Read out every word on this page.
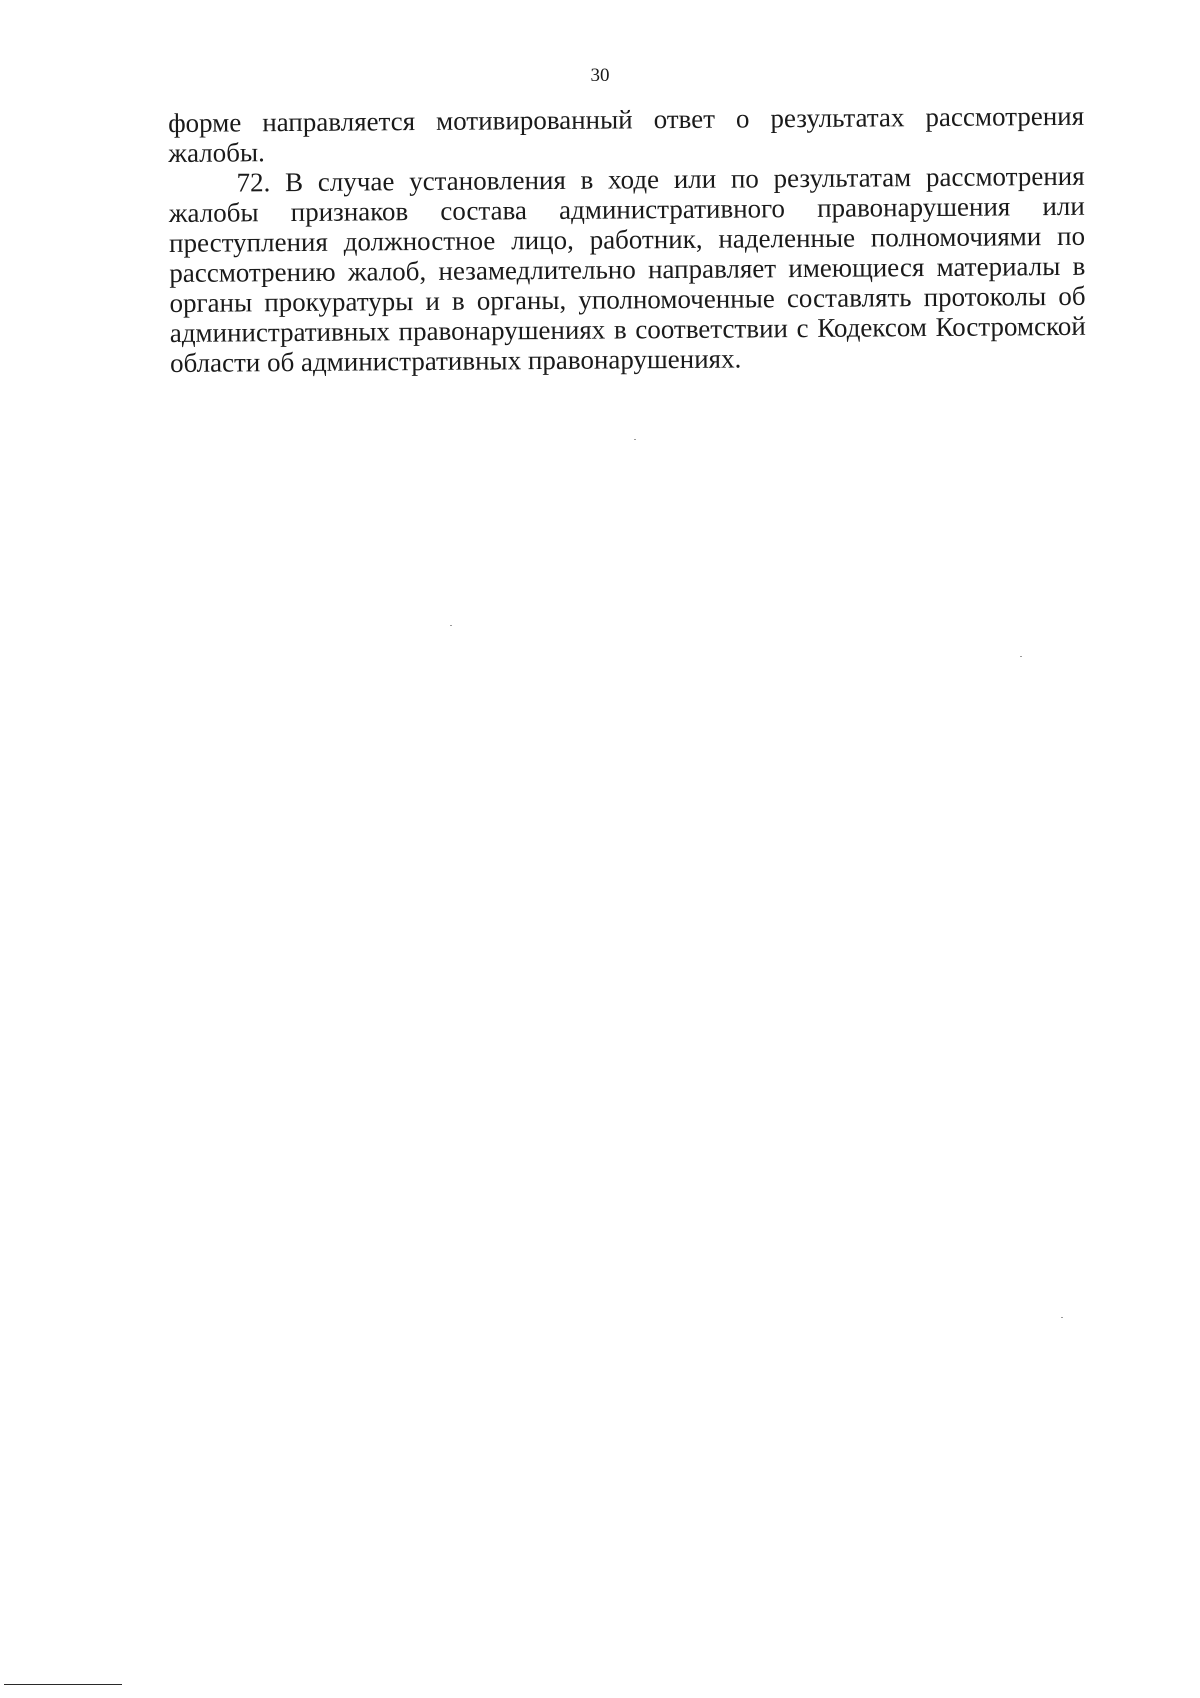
30

форме направляется мотивированный ответ о результатах рассмотрения жалобы.

72. В случае установления в ходе или по результатам рассмотрения жалобы признаков состава административного правонарушения или преступления должностное лицо, работник, наделенные полномочиями по рассмотрению жалоб, незамедлительно направляет имеющиеся материалы в органы прокуратуры и в органы, уполномоченные составлять протоколы об административных правонарушениях в соответствии с Кодексом Костромской области об административных правонарушениях.
